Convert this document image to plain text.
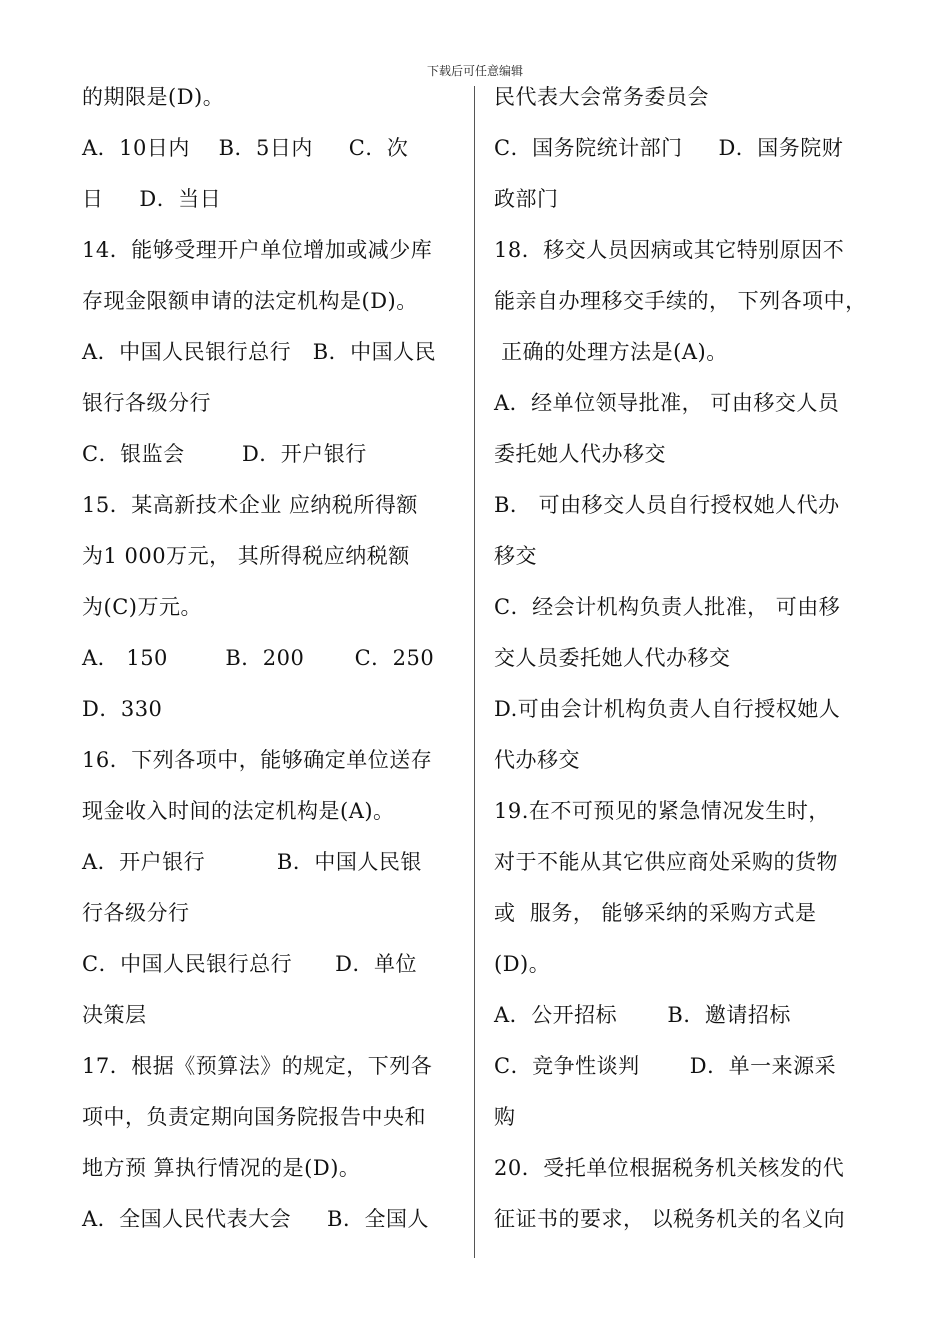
下载后可任意编辑
的期限是(D)。
A．10日内    B．5日内     C．次
日     D．当日
14．能够受理开户单位增加或减少库
存现金限额申请的法定机构是(D)。
A．中国人民银行总行   B．中国人民
银行各级分行
C．银监会        D．开户银行
15．某高新技术企业 应纳税所得额
为1 000万元， 其所得税应纳税额
为(C)万元。
A． 150        B．200       C．250
D．330
16．下列各项中，能够确定单位送存
现金收入时间的法定机构是(A)。
A．开户银行          B．中国人民银
行各级分行
C．中国人民银行总行      D．单位
决策层
17．根据《预算法》的规定，下列各
项中，负责定期向国务院报告中央和
地方预 算执行情况的是(D)。
A．全国人民代表大会     B．全国人
民代表大会常务委员会
C．国务院统计部门     D．国务院财
政部门
18．移交人员因病或其它特别原因不
能亲自办理移交手续的， 下列各项中，
正确的处理方法是(A)。
A．经单位领导批准， 可由移交人员
委托她人代办移交
B． 可由移交人员自行授权她人代办
移交
C．经会计机构负责人批准， 可由移
交人员委托她人代办移交
D.可由会计机构负责人自行授权她人
代办移交
19.在不可预见的紧急情况发生时，
对于不能从其它供应商处采购的货物
或  服务， 能够采纳的采购方式是
(D)。
A．公开招标       B．邀请招标
C．竞争性谈判       D．单一来源采
购
20．受托单位根据税务机关核发的代
征证书的要求， 以税务机关的名义向
